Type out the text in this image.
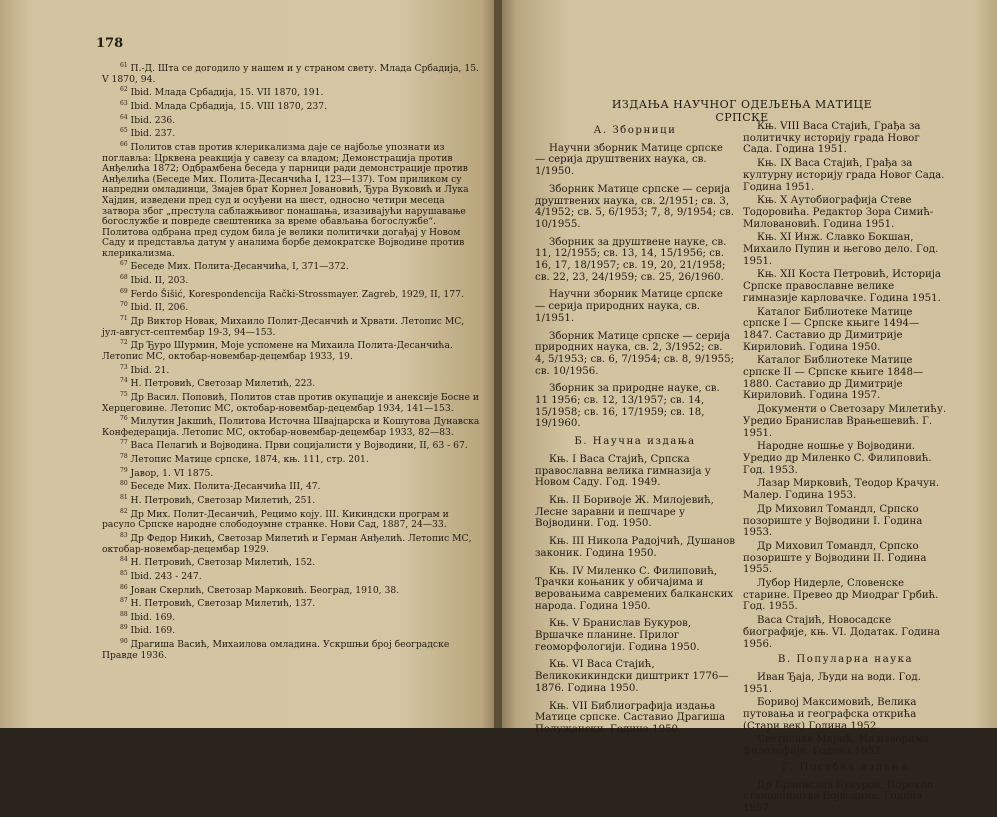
178

$^{61}$ П.-Д. Шта се догодило у нашем и у страном свету. Млада Србадија, 15. V 1870, 94.

$^{62}$ Ibid. Млада Србадија, 15. VII 1870, 191.

$^{63}$ Ibid. Млада Србадија, 15. VIII 1870, 237.

$^{64}$ Ibid. 236.

$^{65}$ Ibid. 237.

$^{66}$ Политов став против клерикализма даје се најбоље упознати из поглавља: Црквена реакција у савезу са владом; Демонстрација против Анђелића 1872; Одбрамбена беседа у парници ради демонстрације против Анђелића (Беседе Мих. Полита-Десанчића I, 123—137). Том приликом су напредни омладинци, Змајев брат Корнел Јовановић, Ђура Вуковић и Лука Хајдин, изведени пред суд и осуђени на шест, односно четири месеца затвора због „престула саблажњивог понашања, изазивајући нарушавање богослужбе и повреде свештеника за време обављања богослужбе“. Политова одбрана пред судом била је велики политички догађај у Новом Саду и представља датум у аналима борбе демократске Војводине против клерикализма.

$^{67}$ Беседе Мих. Полита-Десанчића, I, 371—372.

$^{68}$ Ibid. II, 203.

$^{69}$ Ferdo Šišić, Korespondencija Rački-Strossmayer. Zagreb, 1929, II, 177.

$^{70}$ Ibid. II, 206.

$^{71}$ Др Виктор Новак, Михаило Полит-Десанчић и Хрвати. Летопис МС, јул-август-септембар 19-3, 94—153.

$^{72}$ Др Ђуро Шурмин, Моје успомене на Михаила Полита-Десанчића. Летопис МС, октобар-новембар-децембар 1933, 19.

$^{73}$ Ibid. 21.

$^{74}$ Н. Петровић, Светозар Милетић, 223.

$^{75}$ Др Васил. Поповић, Политов став против окупације и анексије Босне и Херцеговине. Летопис МС, октобар-новембар-децембар 1934, 141—153.

$^{76}$ Милутин Јакшић, Политова Источна Швајцарска и Кошутова Дунавска Конфедерација. Летопис МС, октобар-новембар-децембар 1933, 82—83.

$^{77}$ Васа Пелагић и Војводина. Први социјалисти у Војводини, II, 63 - 67.

$^{78}$ Летопис Матице српске, 1874, књ. 111, стр. 201.

$^{79}$ Јавор, 1. VI 1875.

$^{80}$ Беседе Мих. Полита-Десанчића III, 47.

$^{81}$ Н. Петровић, Светозар Милетић, 251.

$^{82}$ Др Мих. Полит-Десанчић, Рецимо коју. III. Кикиндски програм и расуло Српске народне слободоумне странке. Нови Сад, 1887, 24—33.

$^{83}$ Др Федор Никић, Светозар Милетић и Герман Анђелић. Летопис МС, октобар-новембар-децембар 1929.

$^{84}$ Н. Петровић, Светозар Милетић, 152.

$^{85}$ Ibid. 243 - 247.

$^{86}$ Јован Скерлић, Светозар Марковић. Београд, 1910, 38.

$^{87}$ Н. Петровић, Светозар Милетић, 137.

$^{88}$ Ibid. 169.

$^{89}$ Ibid. 169.

$^{90}$ Драгиша Васић, Михаилова омладина. Ускршњи број београдске Правде 1936.

ИЗДАЊА НАУЧНОГ ОДЕЉЕЊА МАТИЦЕ СРПСКЕ

А. Зборници

Научни зборник Матице српске — серија друштвених наука, св. 1/1950.

Зборник Матице српске — серија друштвених наука, св. 2/1951; св. 3, 4/1952; св. 5, 6/1953; 7, 8, 9/1954; св. 10/1955.

Зборник за друштвене науке, св. 11, 12/1955; св. 13, 14, 15/1956; св. 16, 17, 18/1957; св. 19, 20, 21/1958; св. 22, 23, 24/1959; св. 25, 26/1960.

Научни зборник Матице српске — серија природних наука, св. 1/1951.

Зборник Матице српске — серија природних наука, св. 2, 3/1952; св. 4, 5/1953; св. 6, 7/1954; св. 8, 9/1955; св. 10/1956.

Зборник за природне науке, св. 11 1956; св. 12, 13/1957; св. 14, 15/1958; св. 16, 17/1959; св. 18, 19/1960.

Б. Научна издања

Књ. I Васа Стајић, Српска православна велика гимназија у Новом Саду. Год. 1949.

Књ. II Боривоје Ж. Милојевић, Лесне заравни и пешчаре у Војводини. Год. 1950.

Књ. III Никола Радојчић, Душанов законик. Година 1950.

Књ. IV Миленко С. Филиповић, Трачки коњаник у обичајима и веровањима савремених балканских народа. Година 1950.

Књ. V Бранислав Букуров, Вршачке планине. Прилог геоморфологији. Година 1950.

Књ. VI Васа Стајић, Великокикиндски диштрикт 1776—1876. Година 1950.

Књ. VII Библиографија издања Матице српске. Саставио Драгиша Полужански. Година 1950.

Књ. VIII Васа Стајић, Грађа за политичку историју града Новог Сада. Година 1951.

Књ. IX Васа Стајић, Грађа за културну историју града Новог Сада. Година 1951.

Књ. X Аутобиографија Стеве Тодоровића. Редактор Зора Симић-Миловановић. Година 1951.

Књ. XI Инж. Славко Бокшан, Михаило Пупин и његово дело. Год. 1951.

Књ. XII Коста Петровић, Историја Српске православне велике гимназије карловачке. Година 1951.

Каталог Библиотеке Матице српске I — Српске књиге 1494—1847. Саставио др Димитрије Кириловић. Година 1950.

Каталог Библиотеке Матице српске II — Српске књиге 1848—1880. Саставио др Димитрије Кириловић. Година 1957.

Документи о Светозару Милетићу. Уредио Бранислав Врањешевић. Г. 1951.

Народне ношње у Војводини. Уредио др Миленко С. Филиповић. Год. 1953.

Лазар Мирковић, Теодор Крачун. Малер. Година 1953.

Др Миховил Томандл, Српско позориште у Војводини I. Година 1953.

Др Миховил Томандл, Српско позориште у Војводини II. Година 1955.

Лубор Нидерле, Словенске старине. Превео др Миодраг Грбић. Год. 1955.

Васа Стајић, Новосадске биографије, књ. VI. Додатак. Година 1956.

В. Популарна наука

Иван Ђаја, Људи на води. Год. 1951.

Боривој Максимовић, Велика путовања и географска открића (Стари век) Година 1952.

Светислав Марић, На изворима филозофије. Година 1952.

Г. Посебна издања

Др Бранислав Букуров, Порекло становништва Војводине. Година 1957
